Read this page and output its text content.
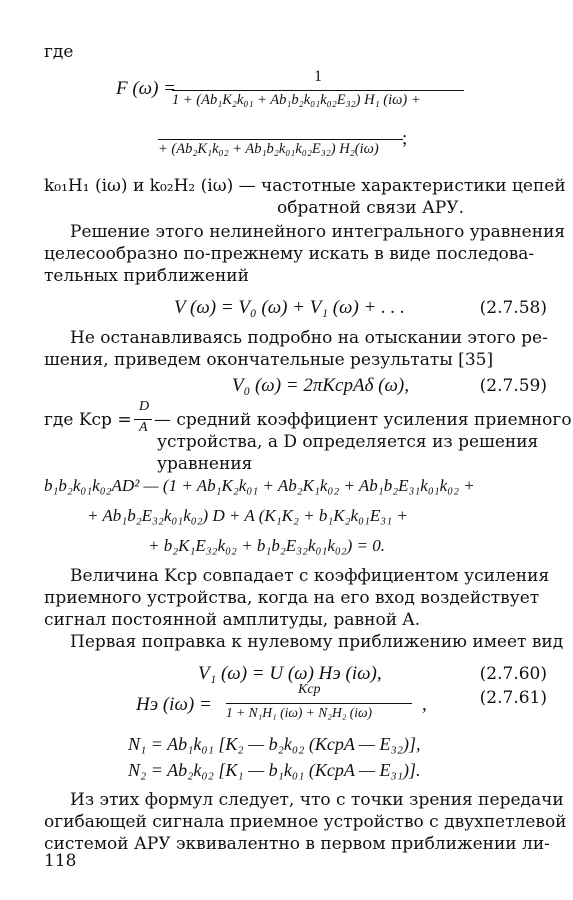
где
F (ω) =
1
1 + (Ab₁K₂k₀₁ + Ab₁b₂k₀₁k₀₂E₃₂) H₁ (iω) +
+ (Ab₂K₁k₀₂ + Ab₁b₂k₀₁k₀₂E₃₂) H₂(iω) ;
k₀₁H₁ (iω) и k₀₂H₂ (iω) — частотные характеристики цепей
обратной связи АРУ.
Решение этого нелинейного интегрального уравнения
целесообразно по-прежнему искать в виде последова-
тельных приближений
V (ω) = V₀ (ω) + V₁ (ω) + . . .	(2.7.58)
Не останавливаясь подробно на отыскании этого ре-
шения, приведем окончательные результаты [35]
V₀ (ω) = 2πKсрAδ (ω),	(2.7.59)
где Kср =
D
A — средний коэффициент усиления приемного
устройства, а D определяется из решения
уравнения
b₁b₂k₀₁k₀₂AD² — (1 + Ab₁K₂k₀₁ + Ab₂K₁k₀₂ + Ab₁b₂E₃₁k₀₁k₀₂ +
+ Ab₁b₂E₃₂k₀₁k₀₂) D + A (K₁K₂ + b₁K₂k₀₁E₃₁ +
+ b₂K₁E₃₂k₀₂ + b₁b₂E₃₂k₀₁k₀₂) = 0.
Величина Kср совпадает с коэффициентом усиления
приемного устройства, когда на его вход воздействует
сигнал постоянной амплитуды, равной A.
Первая поправка к нулевому приближению имеет вид
V₁ (ω) = U (ω) Hэ (iω),	(2.7.60)
Hэ (iω) =
Kср
1 + N₁H₁ (iω) + N₂H₂ (iω)	,	(2.7.61)
N₁ = Ab₁k₀₁ [K₂ — b₂k₀₂ (KсрA — E₃₂)],
N₂ = Ab₂k₀₂ [K₁ — b₁k₀₁ (KсрA — E₃₁)].
Из этих формул следует, что с точки зрения передачи
огибающей сигнала приемное устройство с двухпетлевой
системой АРУ эквивалентно в первом приближении ли-
118
